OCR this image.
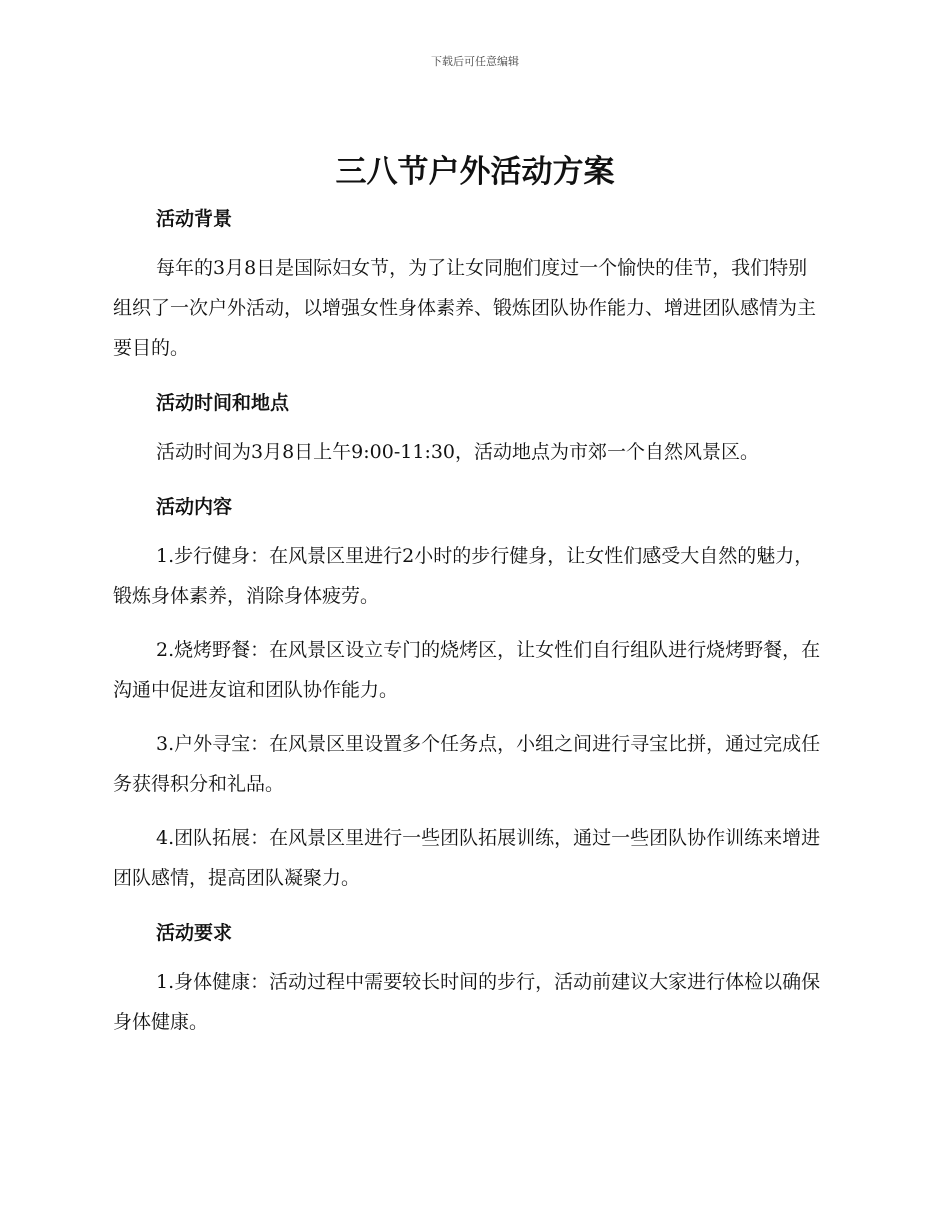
下载后可任意编辑
三八节户外活动方案

活动背景

每年的3月8日是国际妇女节，为了让女同胞们度过一个愉快的佳节，我们特别组织了一次户外活动，以增强女性身体素养、锻炼团队协作能力、增进团队感情为主要目的。

活动时间和地点

活动时间为3月8日上午9:00-11:30，活动地点为市郊一个自然风景区。

活动内容

1.步行健身：在风景区里进行2小时的步行健身，让女性们感受大自然的魅力，锻炼身体素养，消除身体疲劳。

2.烧烤野餐：在风景区设立专门的烧烤区，让女性们自行组队进行烧烤野餐，在沟通中促进友谊和团队协作能力。

3.户外寻宝：在风景区里设置多个任务点，小组之间进行寻宝比拼，通过完成任务获得积分和礼品。

4.团队拓展：在风景区里进行一些团队拓展训练，通过一些团队协作训练来增进团队感情，提高团队凝聚力。

活动要求

1.身体健康：活动过程中需要较长时间的步行，活动前建议大家进行体检以确保身体健康。
